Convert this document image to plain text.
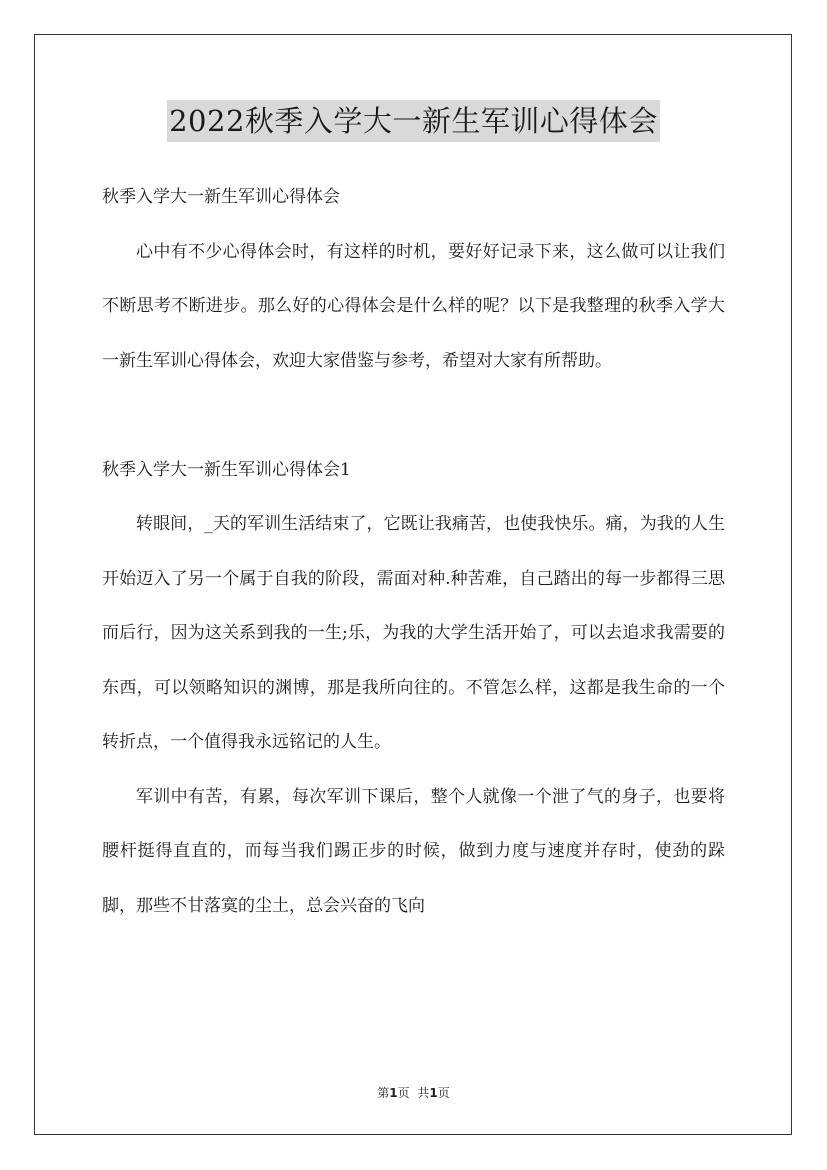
2022秋季入学大一新生军训心得体会

秋季入学大一新生军训心得体会

心中有不少心得体会时，有这样的时机，要好好记录下来，这么做可以让我们不断思考不断进步。那么好的心得体会是什么样的呢？以下是我整理的秋季入学大一新生军训心得体会，欢迎大家借鉴与参考，希望对大家有所帮助。

秋季入学大一新生军训心得体会1

转眼间，_天的军训生活结束了，它既让我痛苦，也使我快乐。痛，为我的人生开始迈入了另一个属于自我的阶段，需面对种.种苦难，自己踏出的每一步都得三思而后行，因为这关系到我的一生;乐，为我的大学生活开始了，可以去追求我需要的东西，可以领略知识的渊博，那是我所向往的。不管怎么样，这都是我生命的一个转折点，一个值得我永远铭记的人生。

军训中有苦，有累，每次军训下课后，整个人就像一个泄了气的身子，也要将腰杆挺得直直的，而每当我们踢正步的时候，做到力度与速度并存时，使劲的跺脚，那些不甘落寞的尘土，总会兴奋的飞向

第1页 共1页
